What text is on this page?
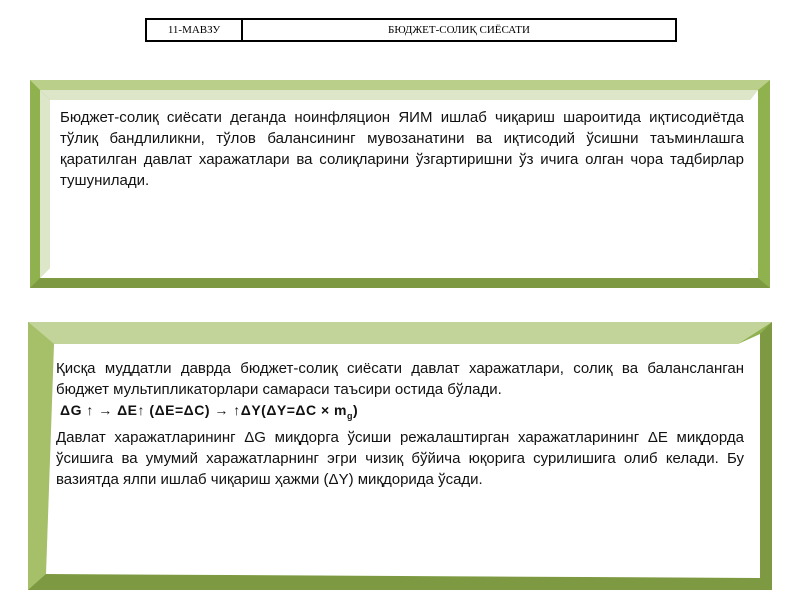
11-МАВЗУ	БЮДЖЕТ-СОЛИҚ СИЁСАТИ
Бюджет-солиқ сиёсати деганда ноинфляцион ЯИМ ишлаб чиқариш шароитида иқтисодиётда тўлиқ бандлиликни, тўлов балансининг мувозанатини ва иқтисодий ўсишни таъминлашга қаратилган давлат харажатлари ва солиқларини ўзгартиришни ўз ичига олган чора тадбирлар тушунилади.

Қисқа муддатли даврда бюджет-солиқ сиёсати давлат харажатлари, солиқ ва балансланган бюджет мультипликаторлари самараси таъсири остида бўлади.

ΔG ↑ → ΔE↑ (ΔE=ΔC) → ↑ΔY(ΔY=ΔC × $m_g$)

Давлат харажатларининг ΔG миқдорга ўсиши режалаштирган харажатларининг ΔE миқдорда ўсишига ва умумий харажатларнинг эгри чизиқ бўйича юқорига сурилишига олиб келади. Бу вазиятда ялпи ишлаб чиқариш ҳажми (ΔY) миқдорида ўсади.
